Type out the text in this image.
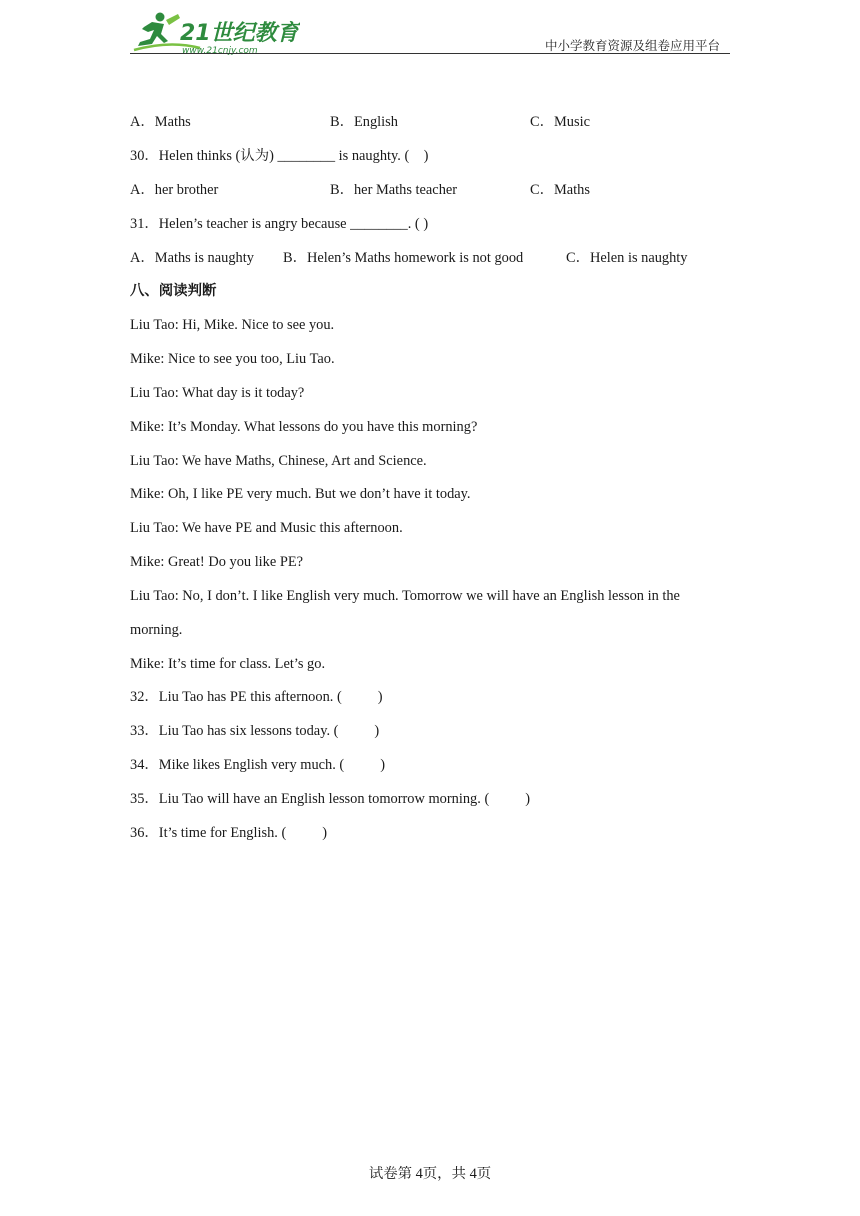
21世纪教育
www.21cnjy.com	中小学教育资源及组卷应用平台
A．Maths	B．English	C．Music
30．Helen thinks (认为) ________ is naughty. (    )
A．her brother	B．her Maths teacher	C．Maths
31．Helen’s teacher is angry because ________. ( )
A．Maths is naughty B．Helen’s Maths homework is not good	C．Helen is naughty
八、阅读判断
Liu Tao: Hi, Mike. Nice to see you.
Mike: Nice to see you too, Liu Tao.
Liu Tao: What day is it today?
Mike: It’s Monday. What lessons do you have this morning?
Liu Tao: We have Maths, Chinese, Art and Science.
Mike: Oh, I like PE very much. But we don’t have it today.
Liu Tao: We have PE and Music this afternoon.
Mike: Great! Do you like PE?
Liu Tao: No, I don’t. I like English very much. Tomorrow we will have an English lesson in the
morning.
Mike: It’s time for class. Let’s go.
32．Liu Tao has PE this afternoon. (          )
33．Liu Tao has six lessons today. (          )
34．Mike likes English very much. (          )
35．Liu Tao will have an English lesson tomorrow morning. (          )
36．It’s time for English. (          )
试卷第 4页，共 4页
